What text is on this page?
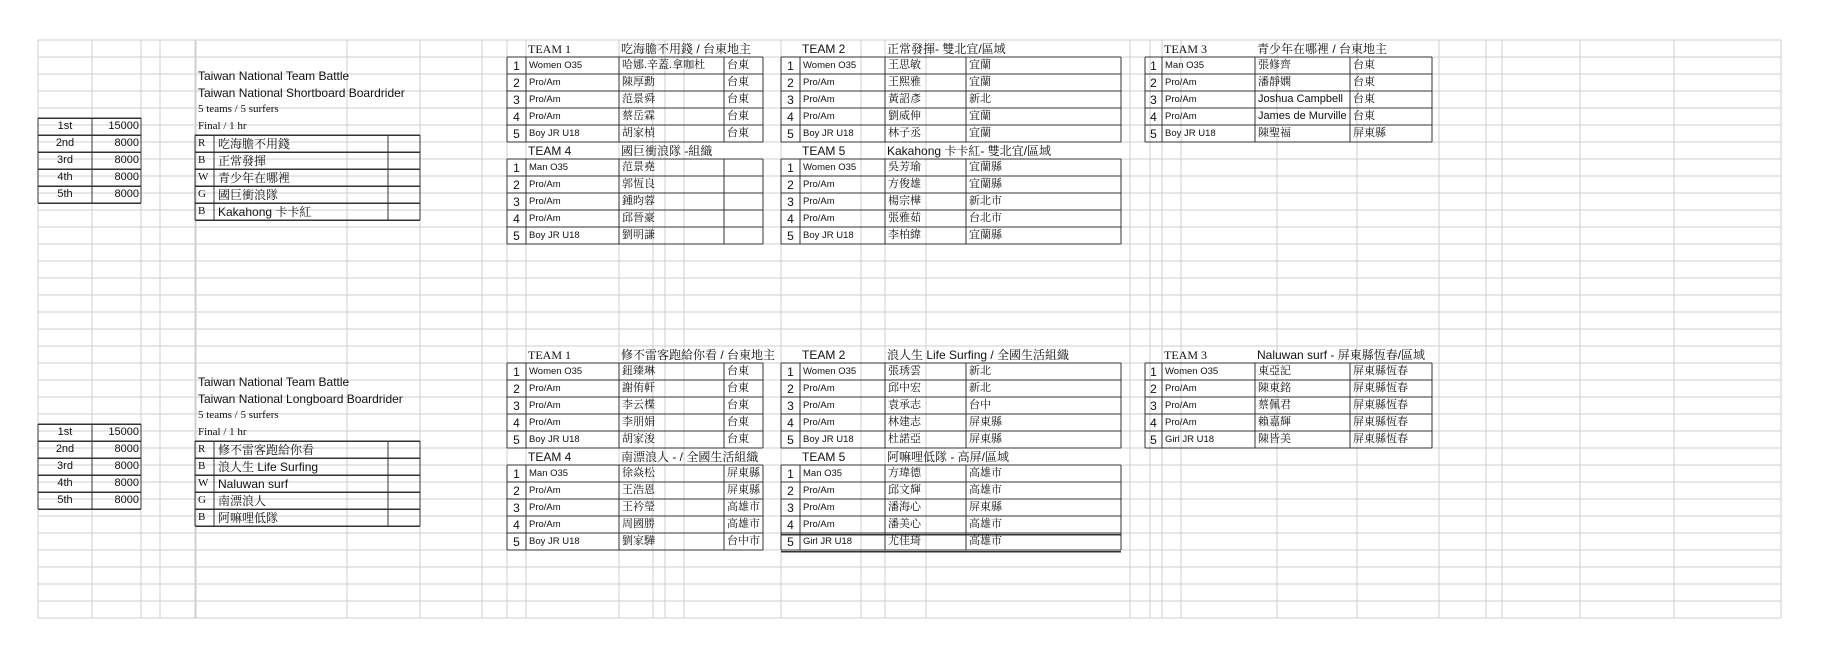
Taiwan National Team Battle
Taiwan National Shortboard Boardrider
5 teams / 5 surfers
Final / 1 hr
1st	15000
2nd	8000
3rd	8000
4th	8000
5th	8000
R 吃海膽不用錢
B 正常發揮
W 青少年在哪裡
G 國巨衝浪隊
B Kakahong 卡卡紅
TEAM 1	吃海膽不用錢 / 台東地主
1 Women O35	哈娜.辛蓋.拿咖杜 台東
2 Pro/Am	陳厚勳	台東
3 Pro/Am	范景舜	台東
4 Pro/Am	蔡岳霖	台東
5 Boy JR U18	胡家楨	台東
TEAM 2	正常發揮- 雙北宜/區域
1 Women O35	王思敏	宜蘭
2 Pro/Am	王熙雅	宜蘭
3 Pro/Am	黃詔彥	新北
4 Pro/Am	劉威伸	宜蘭
5 Boy JR U18	林子丞	宜蘭
TEAM 3	青少年在哪裡 / 台東地主
1 Man O35	張修齊	台東
2 Pro/Am	潘靜嫻	台東
3 Pro/Am	Joshua Campbell 台東
4 Pro/Am	James de Murville 台東
5 Boy JR U18	陳聖福	屏東縣
TEAM 4	國巨衝浪隊 -組織
1 Man O35	范景堯
2 Pro/Am	郭恆良
3 Pro/Am	鍾昀蓉
4 Pro/Am	邱晉豪
5 Boy JR U18	劉明謙
TEAM 5	Kakahong 卡卡紅- 雙北宜/區域
1 Women O35	吳芳瑜	宜蘭縣
2 Pro/Am	方俊雄	宜蘭縣
3 Pro/Am	楊宗樺	新北市
4 Pro/Am	張雅茹	台北市
5 Boy JR U18	李柏緯	宜蘭縣
Taiwan National Team Battle
Taiwan National Longboard Boardrider
5 teams / 5 surfers
Final / 1 hr
1st	15000
2nd	8000
3rd	8000
4th	8000
5th	8000
R 修不雷客跑給你看
B 浪人生 Life Surfing
W Naluwan surf
G 南漂浪人
B 阿嘛哩低隊
TEAM 1	修不雷客跑給你看 / 台東地主
1 Women O35	鈕臻琳	台東
2 Pro/Am	謝侑軒	台東
3 Pro/Am	李云楪	台東
4 Pro/Am	李朋娟	台東
5 Boy JR U18	胡家浚	台東
TEAM 2	浪人生 Life Surfing / 全國生活組織
1 Women O35	張琇雲	新北
2 Pro/Am	邱中宏	新北
3 Pro/Am	袁承志	台中
4 Pro/Am	林建志	屏東縣
5 Boy JR U18	杜諾亞	屏東縣
TEAM 3	Naluwan surf - 屏東縣恆春/區域
1 Women O35	東亞記	屏東縣恆春
2 Pro/Am	陳東銘	屏東縣恆春
3 Pro/Am	蔡佩君	屏東縣恆春
4 Pro/Am	賴嘉輝	屏東縣恆春
5 Girl JR U18	陳皆美	屏東縣恆春
TEAM 4	南漂浪人 - / 全國生活組織
1 Man O35	徐焱松	屏東縣
2 Pro/Am	王浩恩	屏東縣
3 Pro/Am	王衿瑩	高雄市
4 Pro/Am	周國勝	高雄市
5 Boy JR U18	劉家驊	台中市
TEAM 5	阿嘛哩低隊 - 高屏/區域
1 Man O35	方瑋德	高雄市
2 Pro/Am	邱文輝	高雄市
3 Pro/Am	潘海心	屏東縣
4 Pro/Am	潘美心	高雄市
5 Girl JR U18	尤佳琦	高雄市
